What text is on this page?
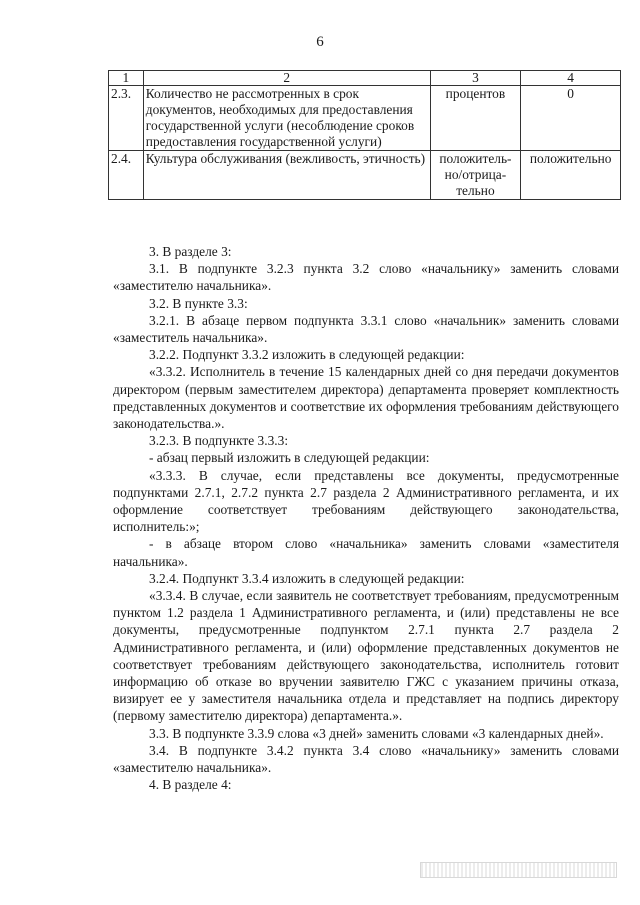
6
1	2	3	4
2.3.	Количество не рассмотренных в срок документов, необходимых для предоставления государственной услуги (несоблюдение сроков предоставления государственной услуги)	процентов	0
2.4.	Культура обслуживания (вежливость, этичность)	положитель-но/отрица-тельно	положительно

3. В разделе 3:

3.1. В подпункте 3.2.3 пункта 3.2 слово «начальнику» заменить словами «заместителю начальника».

3.2. В пункте 3.3:

3.2.1. В абзаце первом подпункта 3.3.1 слово «начальник» заменить словами «заместитель начальника».

3.2.2. Подпункт 3.3.2 изложить в следующей редакции:

«3.3.2. Исполнитель в течение 15 календарных дней со дня передачи документов директором (первым заместителем директора) департамента проверяет комплектность представленных документов и соответствие их оформления требованиям действующего законодательства.».

3.2.3. В подпункте 3.3.3:

- абзац первый изложить в следующей редакции:

«3.3.3. В случае, если представлены все документы, предусмотренные подпунктами 2.7.1, 2.7.2 пункта 2.7 раздела 2 Административного регламента, и их оформление соответствует требованиям действующего законодательства, исполнитель:»;

- в абзаце втором слово «начальника» заменить словами «заместителя начальника».

3.2.4. Подпункт 3.3.4 изложить в следующей редакции:

«3.3.4. В случае, если заявитель не соответствует требованиям, предусмотренным пунктом 1.2 раздела 1 Административного регламента, и (или) представлены не все документы, предусмотренные подпунктом 2.7.1 пункта 2.7 раздела 2 Административного регламента, и (или) оформление представленных документов не соответствует требованиям действующего законодательства, исполнитель готовит информацию об отказе во вручении заявителю ГЖС с указанием причины отказа, визирует ее у заместителя начальника отдела и представляет на подпись директору (первому заместителю директора) департамента.».

3.3. В подпункте 3.3.9 слова «3 дней» заменить словами «3 календарных дней».

3.4. В подпункте 3.4.2 пункта 3.4 слово «начальнику» заменить словами «заместителю начальника».

4. В разделе 4:
